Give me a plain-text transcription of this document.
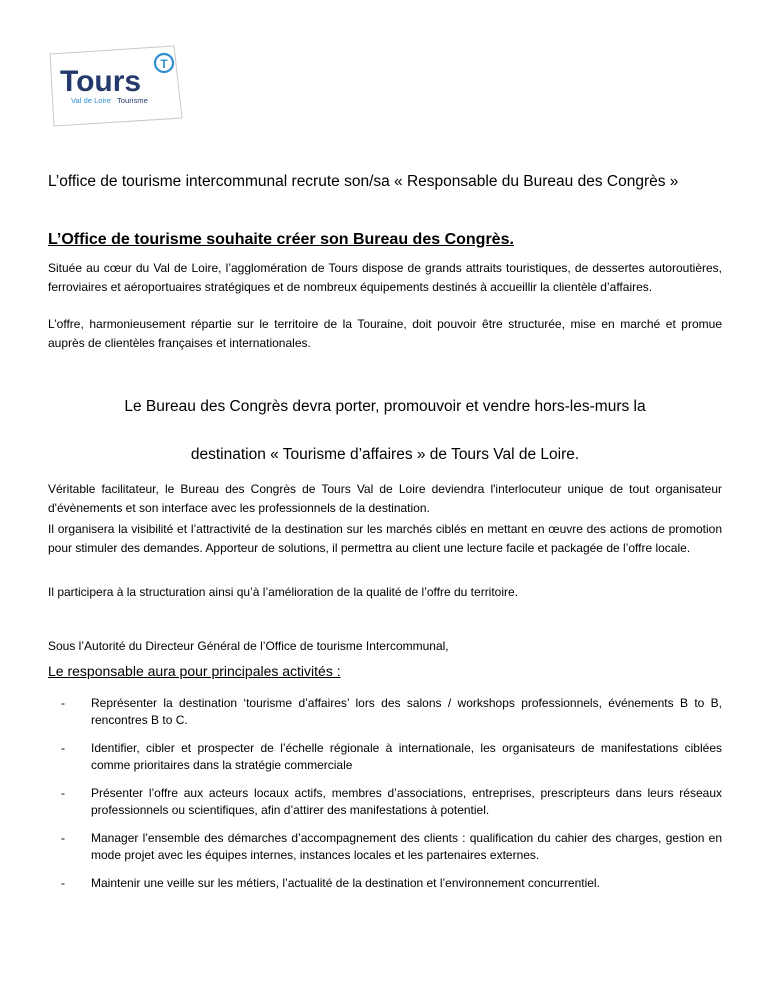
Tours
T
Val de Loire Tourisme
L’office de tourisme intercommunal recrute son/sa « Responsable du Bureau des Congrès »
L’Office de tourisme souhaite créer son Bureau des Congrès.

Située au cœur du Val de Loire, l’agglomération de Tours dispose de grands attraits touristiques, de dessertes autoroutières, ferroviaires et aéroportuaires stratégiques et de nombreux équipements destinés à accueillir la clientèle d’affaires.

L’offre, harmonieusement répartie sur le territoire de la Touraine, doit pouvoir être structurée, mise en marché et promue auprès de clientèles françaises et internationales.

Le Bureau des Congrès devra porter, promouvoir et vendre hors-les-murs la

destination « Tourisme d’affaires » de Tours Val de Loire.

Véritable facilitateur, le Bureau des Congrès de Tours Val de Loire deviendra l'interlocuteur unique de tout organisateur d'évènements et son interface avec les professionnels de la destination.

Il organisera la visibilité et l’attractivité de la destination sur les marchés ciblés en mettant en œuvre des actions de promotion pour stimuler des demandes. Apporteur de solutions, il permettra au client une lecture facile et packagée de l’offre locale.

Il participera à la structuration ainsi qu’à l’amélioration de la qualité de l’offre du territoire.

Sous l’Autorité du Directeur Général de l’Office de tourisme Intercommunal,

Le responsable aura pour principales activités :
- Représenter la destination ‘tourisme d’affaires’ lors des salons / workshops professionnels, événements B to B, rencontres B to C.
- Identifier, cibler et prospecter de l’échelle régionale à internationale, les organisateurs de manifestations ciblées comme prioritaires dans la stratégie commerciale
- Présenter l’offre aux acteurs locaux actifs, membres d’associations, entreprises, prescripteurs dans leurs réseaux professionnels ou scientifiques, afin d’attirer des manifestations à potentiel.
- Manager l’ensemble des démarches d’accompagnement des clients : qualification du cahier des charges, gestion en mode projet avec les équipes internes, instances locales et les partenaires externes.
- Maintenir une veille sur les métiers, l’actualité de la destination et l’environnement concurrentiel.
